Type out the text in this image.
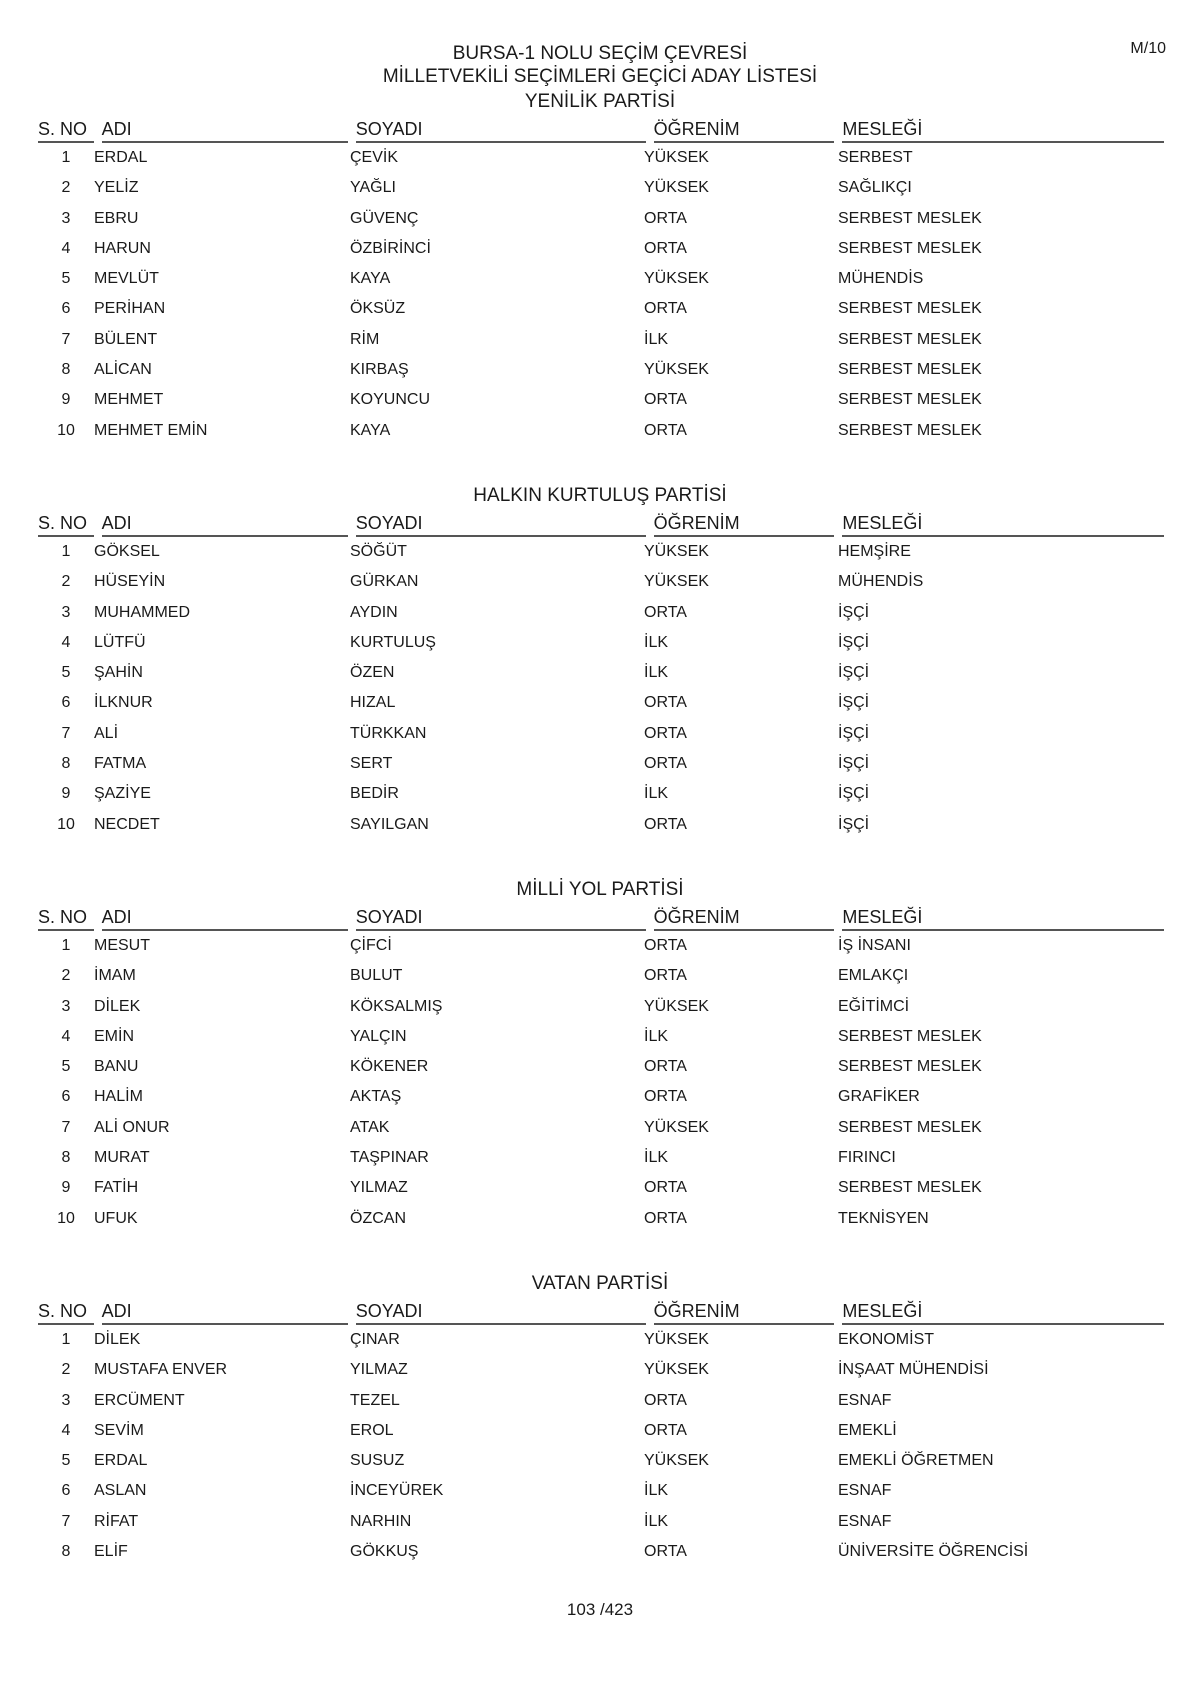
M/10
BURSA-1 NOLU SEÇİM ÇEVRESİ
MİLLETVEKİLİ SEÇİMLERİ GEÇİCİ ADAY LİSTESİ
YENİLİK PARTİSİ
S. NO ADI	SOYADI	ÖĞRENİM	MESLEĞİ
1	ERDAL	ÇEVİK	YÜKSEK	SERBEST
2	YELİZ	YAĞLI	YÜKSEK	SAĞLIKÇI
3	EBRU	GÜVENÇ	ORTA	SERBEST MESLEK
4	HARUN	ÖZBİRİNCİ	ORTA	SERBEST MESLEK
5	MEVLÜT	KAYA	YÜKSEK	MÜHENDİS
6	PERİHAN	ÖKSÜZ	ORTA	SERBEST MESLEK
7	BÜLENT	RİM	İLK	SERBEST MESLEK
8	ALİCAN	KIRBAŞ	YÜKSEK	SERBEST MESLEK
9	MEHMET	KOYUNCU	ORTA	SERBEST MESLEK
10	MEHMET EMİN	KAYA	ORTA	SERBEST MESLEK
HALKIN KURTULUŞ PARTİSİ
S. NO ADI	SOYADI	ÖĞRENİM	MESLEĞİ
1	GÖKSEL	SÖĞÜT	YÜKSEK	HEMŞİRE
2	HÜSEYİN	GÜRKAN	YÜKSEK	MÜHENDİS
3	MUHAMMED	AYDIN	ORTA	İŞÇİ
4	LÜTFÜ	KURTULUŞ	İLK	İŞÇİ
5	ŞAHİN	ÖZEN	İLK	İŞÇİ
6	İLKNUR	HIZAL	ORTA	İŞÇİ
7	ALİ	TÜRKKAN	ORTA	İŞÇİ
8	FATMA	SERT	ORTA	İŞÇİ
9	ŞAZİYE	BEDİR	İLK	İŞÇİ
10	NECDET	SAYILGAN	ORTA	İŞÇİ
MİLLİ YOL PARTİSİ
S. NO ADI	SOYADI	ÖĞRENİM	MESLEĞİ
1	MESUT	ÇİFCİ	ORTA	İŞ İNSANI
2	İMAM	BULUT	ORTA	EMLAKÇI
3	DİLEK	KÖKSALMIŞ	YÜKSEK	EĞİTİMCİ
4	EMİN	YALÇIN	İLK	SERBEST MESLEK
5	BANU	KÖKENER	ORTA	SERBEST MESLEK
6	HALİM	AKTAŞ	ORTA	GRAFİKER
7	ALİ ONUR	ATAK	YÜKSEK	SERBEST MESLEK
8	MURAT	TAŞPINAR	İLK	FIRINCI
9	FATİH	YILMAZ	ORTA	SERBEST MESLEK
10	UFUK	ÖZCAN	ORTA	TEKNİSYEN
VATAN PARTİSİ
S. NO ADI	SOYADI	ÖĞRENİM	MESLEĞİ
1	DİLEK	ÇINAR	YÜKSEK	EKONOMİST
2	MUSTAFA ENVER	YILMAZ	YÜKSEK	İNŞAAT MÜHENDİSİ
3	ERCÜMENT	TEZEL	ORTA	ESNAF
4	SEVİM	EROL	ORTA	EMEKLİ
5	ERDAL	SUSUZ	YÜKSEK	EMEKLİ ÖĞRETMEN
6	ASLAN	İNCEYÜREK	İLK	ESNAF
7	RİFAT	NARHIN	İLK	ESNAF
8	ELİF	GÖKKUŞ	ORTA	ÜNİVERSİTE ÖĞRENCİSİ
103 /423
